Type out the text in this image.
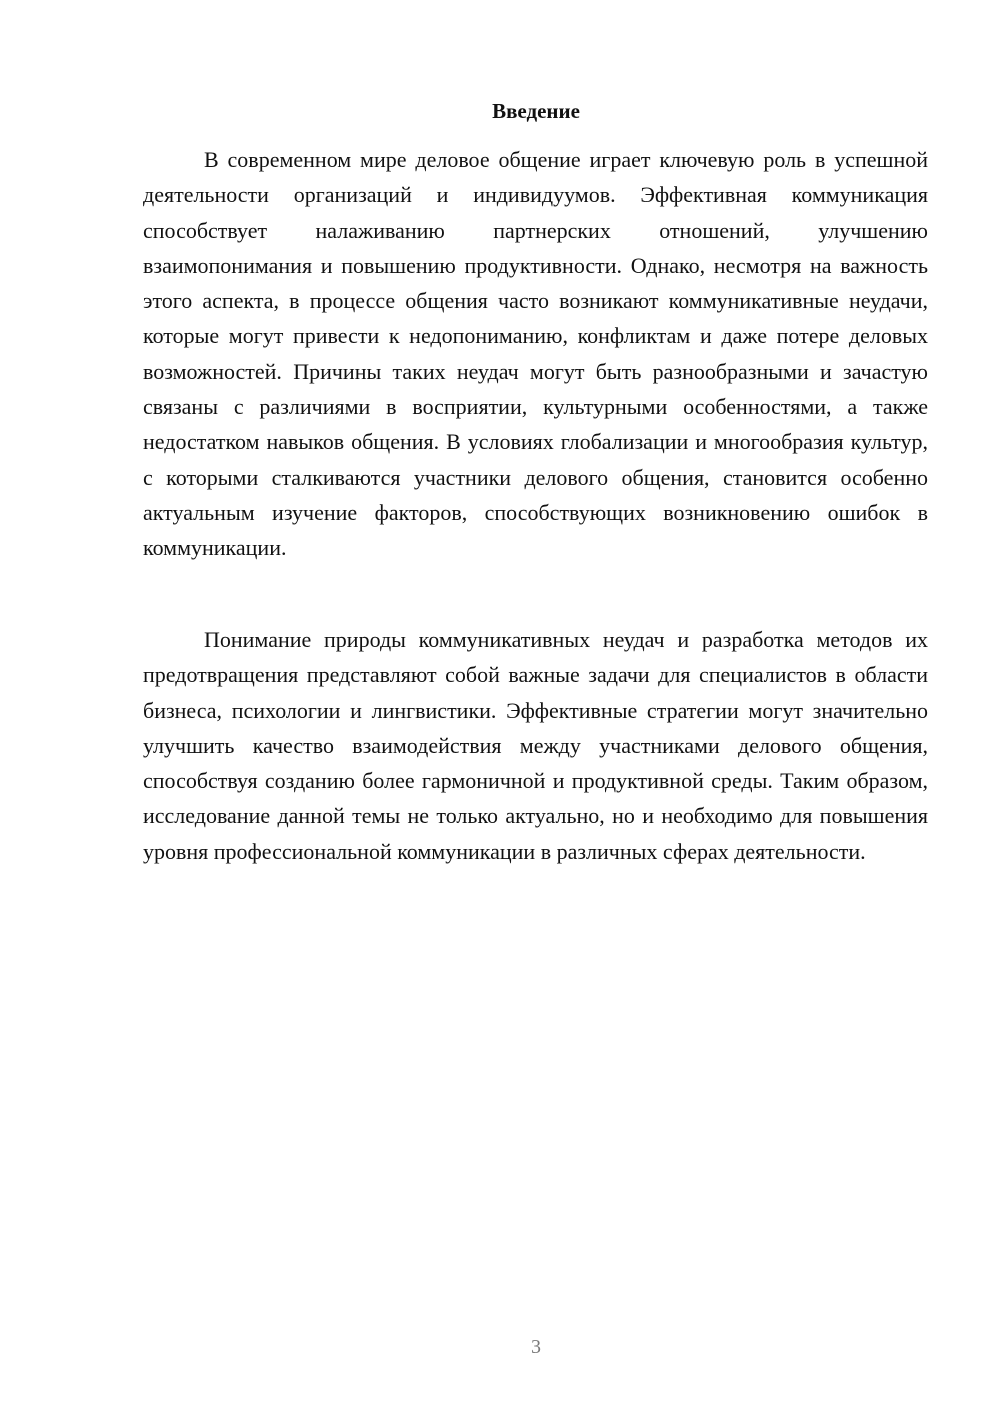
Введение

В современном мире деловое общение играет ключевую роль в успешной деятельности организаций и индивидуумов. Эффективная коммуникация способствует налаживанию партнерских отношений, улучшению взаимопонимания и повышению продуктивности. Однако, несмотря на важность этого аспекта, в процессе общения часто возникают коммуникативные неудачи, которые могут привести к недопониманию, конфликтам и даже потере деловых возможностей. Причины таких неудач могут быть разнообразными и зачастую связаны с различиями в восприятии, культурными особенностями, а также недостатком навыков общения. В условиях глобализации и многообразия культур, с которыми сталкиваются участники делового общения, становится особенно актуальным изучение факторов, способствующих возникновению ошибок в коммуникации.

Понимание природы коммуникативных неудач и разработка методов их предотвращения представляют собой важные задачи для специалистов в области бизнеса, психологии и лингвистики. Эффективные стратегии могут значительно улучшить качество взаимодействия между участниками делового общения, способствуя созданию более гармоничной и продуктивной среды. Таким образом, исследование данной темы не только актуально, но и необходимо для повышения уровня профессиональной коммуникации в различных сферах деятельности.

3
